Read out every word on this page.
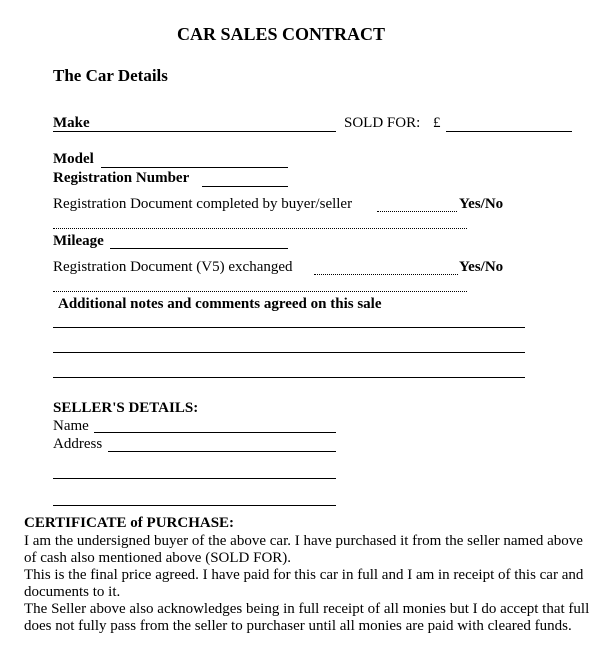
CAR SALES CONTRACT
The Car Details
Make	SOLD FOR: £
Model
Registration Number
Registration Document completed by buyer/seller	Yes/No
Mileage
Registration Document (V5) exchanged	Yes/No
Additional notes and comments agreed on this sale
SELLER'S DETAILS:
Name
Address
CERTIFICATE of PURCHASE:
I am the undersigned buyer of the above car. I have purchased it from the seller named above
of cash also mentioned above (SOLD FOR).
This is the final price agreed. I have paid for this car in full and I am in receipt of this car and
documents to it.
The Seller above also acknowledges being in full receipt of all monies but I do accept that full
does not fully pass from the seller to purchaser until all monies are paid with cleared funds.
